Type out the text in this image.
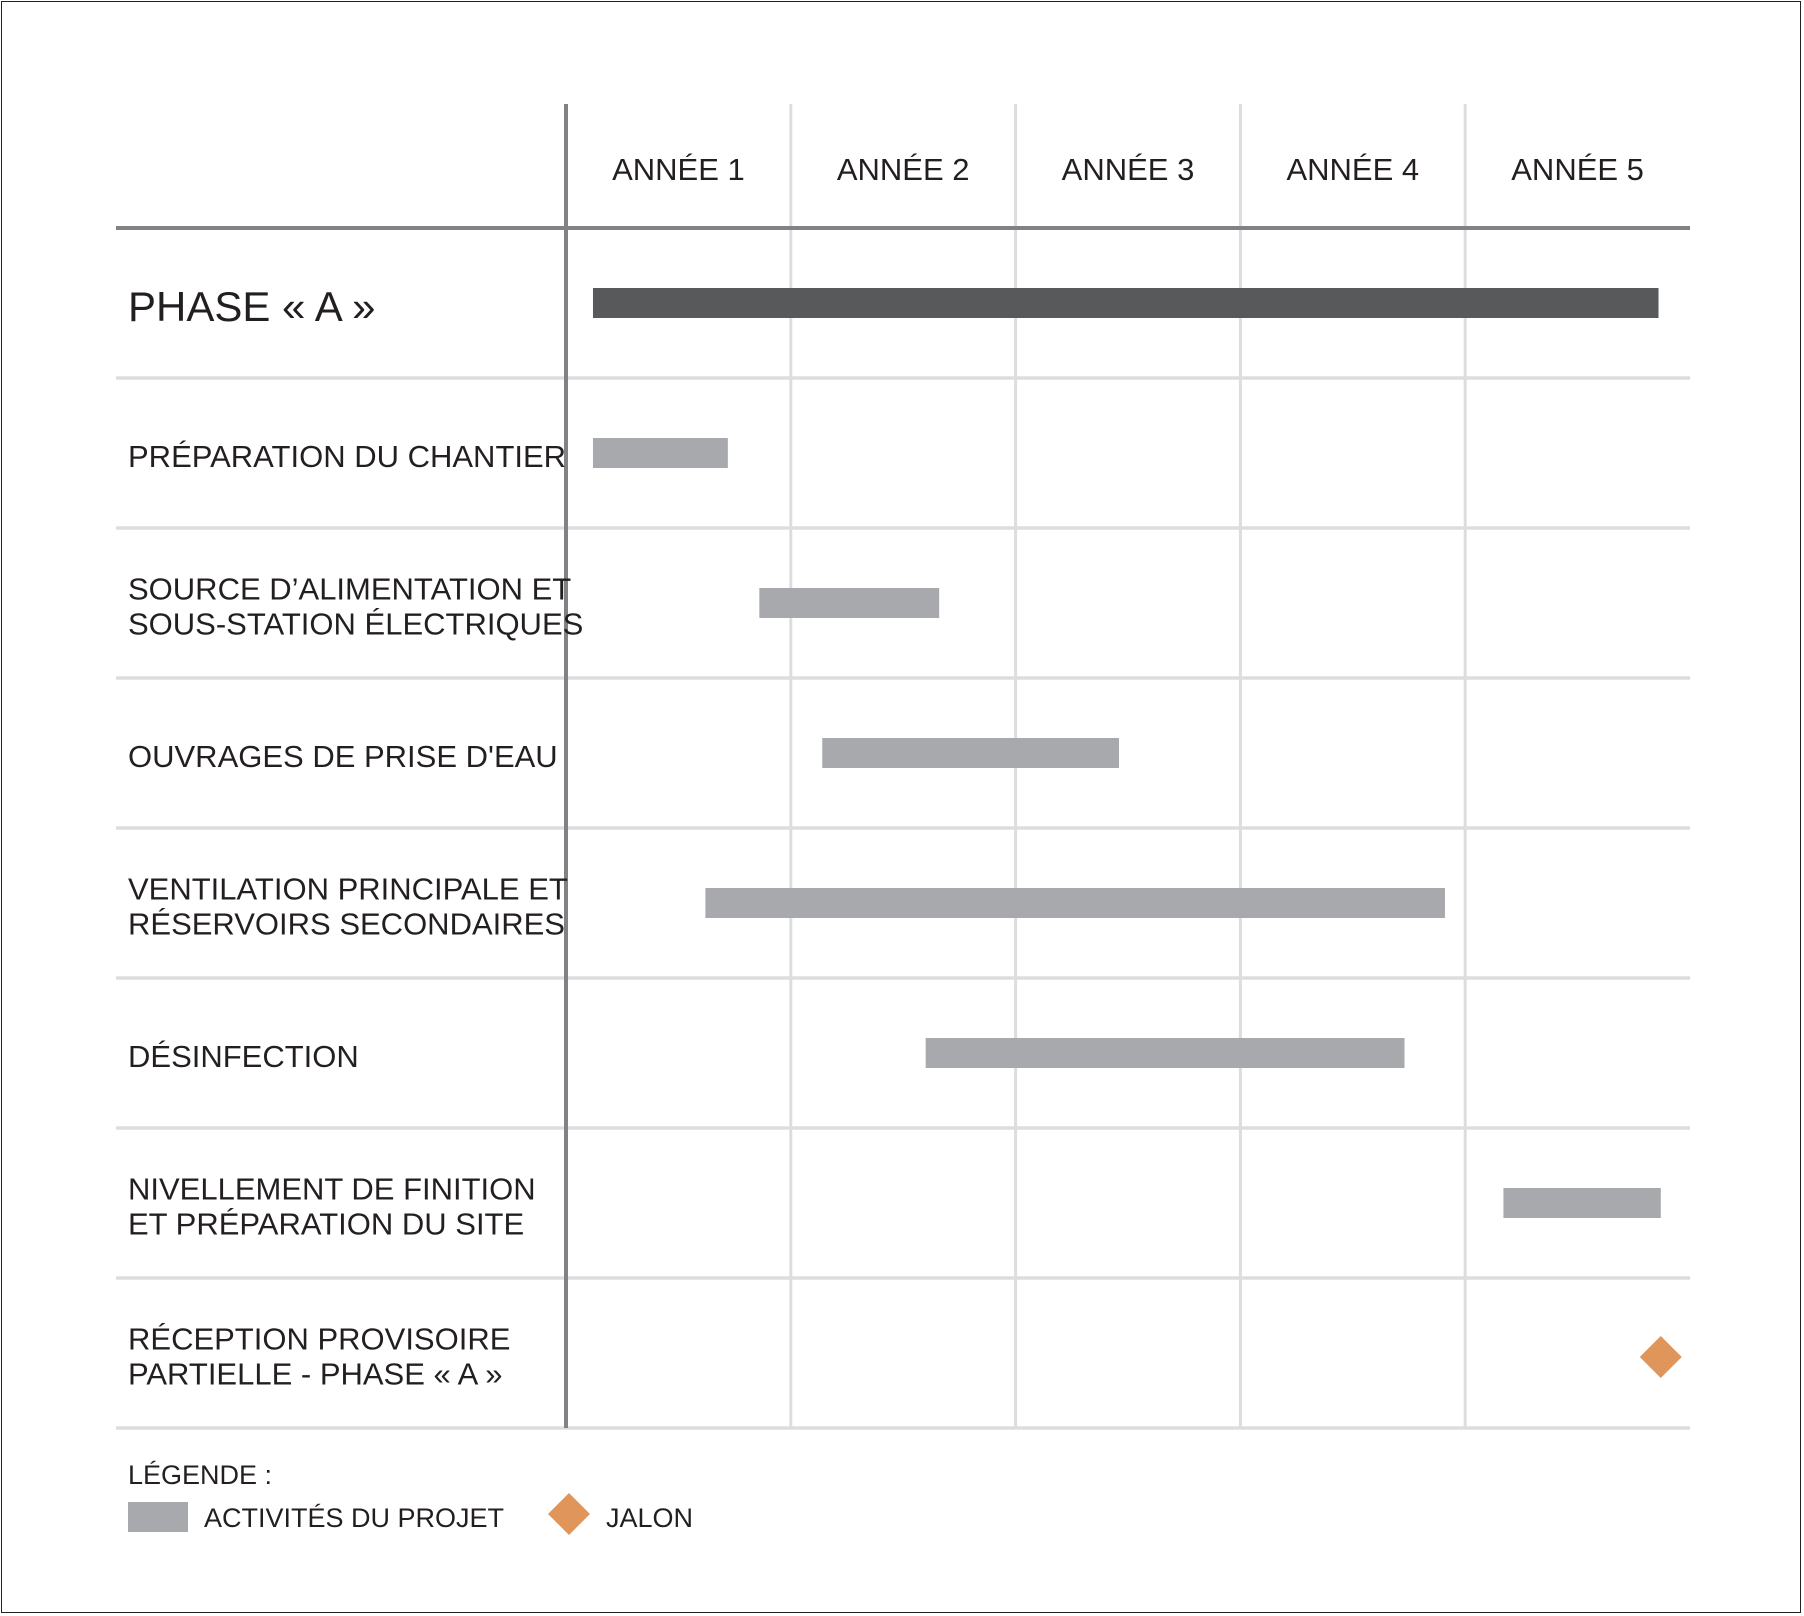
ANNÉE 1	ANNÉE 2	ANNÉE 3	ANNÉE 4	ANNÉE 5
PHASE « A »
PRÉPARATION DU CHANTIER
SOURCE D’ALIMENTATION ET
SOUS-STATION ÉLECTRIQUES
OUVRAGES DE PRISE D'EAU
VENTILATION PRINCIPALE ET
RÉSERVOIRS SECONDAIRES
DÉSINFECTION
NIVELLEMENT DE FINITION
ET PRÉPARATION DU SITE
RÉCEPTION PROVISOIRE
PARTIELLE - PHASE « A »
LÉGENDE :
ACTIVITÉS DU PROJET	JALON
